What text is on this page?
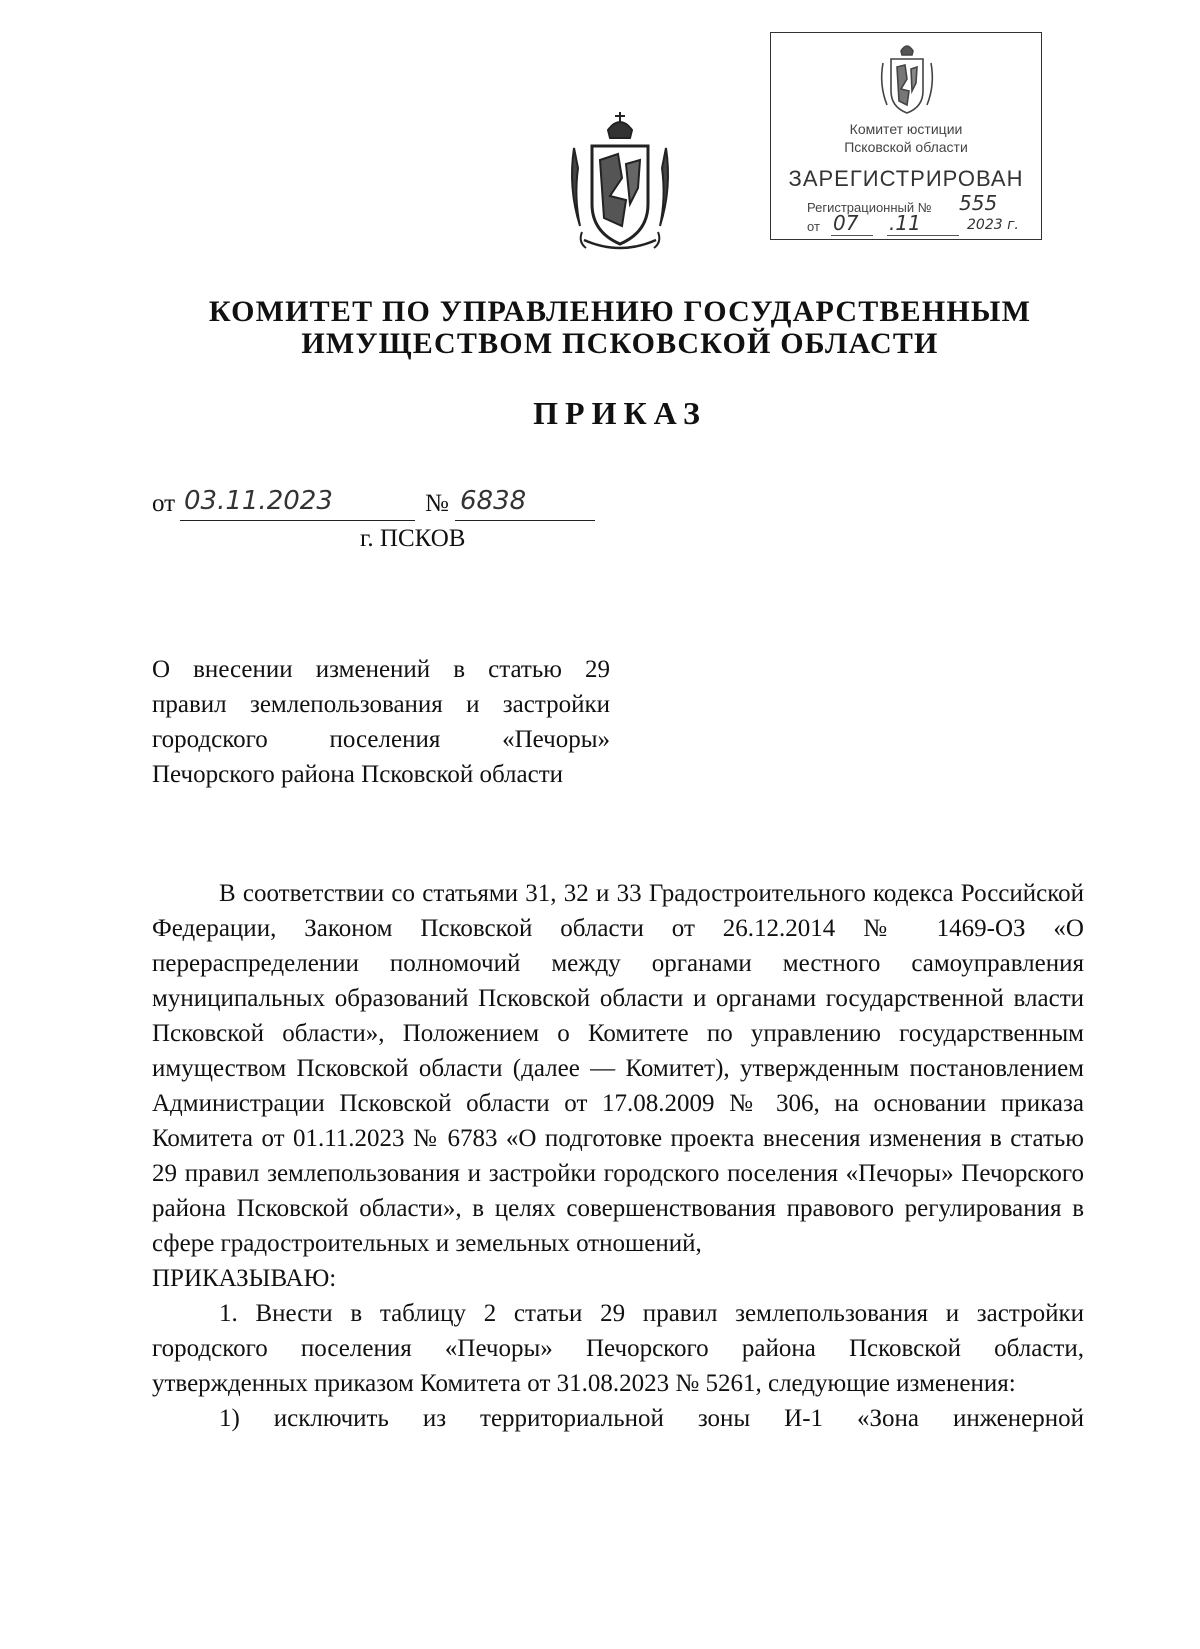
Комитет юстиции
Псковской области
ЗАРЕГИСТРИРОВАН
Регистрационный № 555
от 07 .11	2023 г.
КОМИТЕТ ПО УПРАВЛЕНИЮ ГОСУДАРСТВЕННЫМ
ИМУЩЕСТВОМ ПСКОВСКОЙ ОБЛАСТИ
ПРИКАЗ
от 03.11.2023	№ 6838
г. ПСКОВ
О внесении изменений в статью 29
правил землепользования и застройки
городского поселения «Печоры»
Печорского района Псковской области

В соответствии со статьями 31, 32 и 33 Градостроительного кодекса Российской Федерации, Законом Псковской области от 26.12.2014 № 1469-ОЗ «О перераспределении полномочий между органами местного самоуправления муниципальных образований Псковской области и органами государственной власти Псковской области», Положением о Комитете по управлению государственным имуществом Псковской области (далее — Комитет), утвержденным постановлением Администрации Псковской области от 17.08.2009 № 306, на основании приказа Комитета от 01.11.2023 № 6783 «О подготовке проекта внесения изменения в статью 29 правил землепользования и застройки городского поселения «Печоры» Печорского района Псковской области», в целях совершенствования правового регулирования в сфере градостроительных и земельных отношений,

ПРИКАЗЫВАЮ:

1. Внести в таблицу 2 статьи 29 правил землепользования и застройки городского поселения «Печоры» Печорского района Псковской области, утвержденных приказом Комитета от 31.08.2023 № 5261, следующие изменения:

1) исключить из территориальной зоны И-1 «Зона инженерной
